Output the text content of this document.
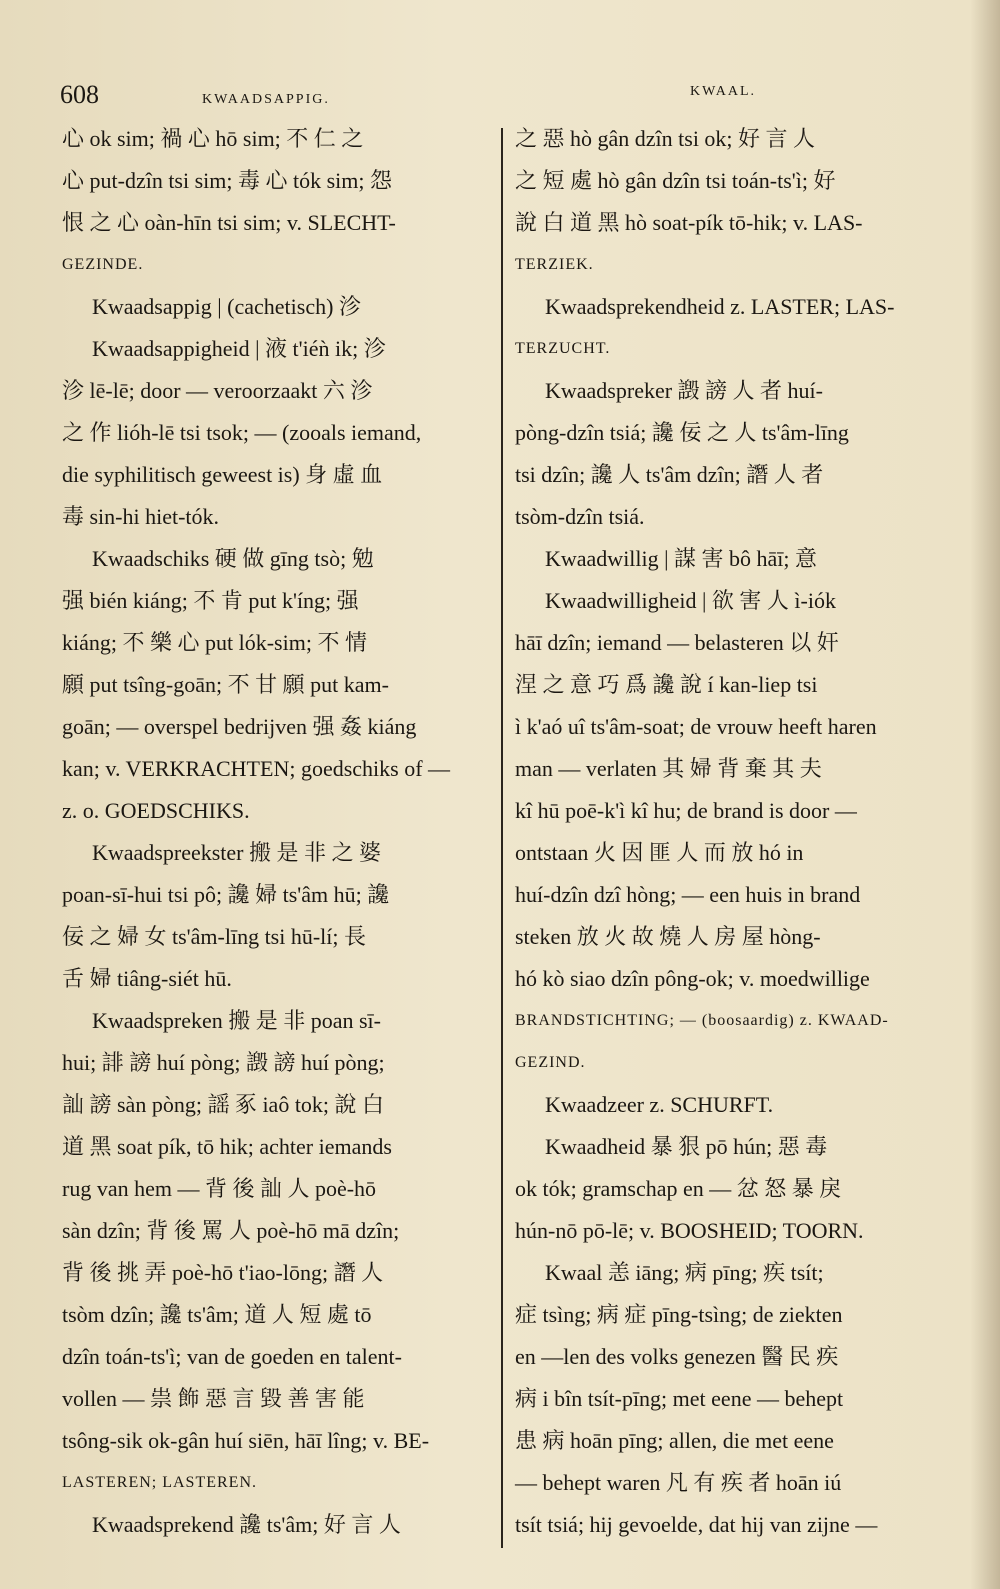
608	KWAADSAPPIG.
KWAAL.

心 ok sim; 禍 心 hō sim; 不 仁 之

心 put-dzîn tsi sim; 毒 心 tók sim; 怨

恨 之 心 oàn-hīn tsi sim; v. SLECHT-

GEZINDE.

Kwaadsappig | (cachetisch) 沴

Kwaadsappigheid | 液 t'iéǹ ik; 沴

沴 lē-lē; door — veroorzaakt 六 沴

之 作 lióh-lē tsi tsok; — (zooals iemand,

die syphilitisch geweest is) 身 虛 血

毒 sin-hi hiet-tók.

Kwaadschiks 硬 做 gīng tsò; 勉

强 bién kiáng; 不 肯 put k'íng; 强

kiáng; 不 樂 心 put lók-sim; 不 情

願 put tsîng-goān; 不 甘 願 put kam-

goān; — overspel bedrijven 强 姦 kiáng

kan; v. VERKRACHTEN; goedschiks of —

z. o. GOEDSCHIKS.

Kwaadspreekster 搬 是 非 之 婆

poan-sī-hui tsi pô; 讒 婦 ts'âm hū; 讒

佞 之 婦 女 ts'âm-līng tsi hū-lí; 長

舌 婦 tiâng-siét hū.

Kwaadspreken 搬 是 非 poan sī-

hui; 誹 謗 huí pòng; 譭 謗 huí pòng;

訕 謗 sàn pòng; 謡 豖 iaô tok; 說 白

道 黑 soat pík, tō hik; achter iemands

rug van hem — 背 後 訕 人 poè-hō

sàn dzîn; 背 後 罵 人 poè-hō mā dzîn;

背 後 挑 弄 poè-hō t'iao-lōng; 譖 人

tsòm dzîn; 讒 ts'âm; 道 人 短 處 tō

dzîn toán-ts'ì; van de goeden en talent-

vollen — 祟 飾 惡 言 毀 善 害 能

tsông-sik ok-gân huí siēn, hāī lîng; v. BE-

LASTEREN; LASTEREN.

Kwaadsprekend 讒 ts'âm; 好 言 人

之 惡 hò gân dzîn tsi ok; 好 言 人

之 短 處 hò gân dzîn tsi toán-ts'ì; 好

說 白 道 黑 hò soat-pík tō-hik; v. LAS-

TERZIEK.

Kwaadsprekendheid z. LASTER; LAS-

TERZUCHT.

Kwaadspreker 譭 謗 人 者 huí-

pòng-dzîn tsiá; 讒 佞 之 人 ts'âm-līng

tsi dzîn; 讒 人 ts'âm dzîn; 譖 人 者

tsòm-dzîn tsiá.

Kwaadwillig | 謀 害 bô hāī; 意

Kwaadwilligheid | 欲 害 人 ì-iók

hāī dzîn; iemand — belasteren 以 奸

涅 之 意 巧 爲 讒 說 í kan-liep tsi

ì k'aó uî ts'âm-soat; de vrouw heeft haren

man — verlaten 其 婦 背 棄 其 夫

kî hū poē-k'ì kî hu; de brand is door —

ontstaan 火 因 匪 人 而 放 hó in

huí-dzîn dzî hòng; — een huis in brand

steken 放 火 故 燒 人 房 屋 hòng-

hó kò siao dzîn pông-ok; v. moedwillige

BRANDSTICHTING; — (boosaardig) z. KWAAD-

GEZIND.

Kwaadzeer z. SCHURFT.

Kwaadheid 暴 狠 pō hún; 惡 毒

ok tók; gramschap en — 忿 怒 暴 戾

hún-nō pō-lē; v. BOOSHEID; TOORN.

Kwaal 恙 iāng; 病 pīng; 疾 tsít;

症 tsìng; 病 症 pīng-tsìng; de ziekten

en —len des volks genezen 醫 民 疾

病 i bîn tsít-pīng; met eene — behept

患 病 hoān pīng; allen, die met eene

— behept waren 凡 有 疾 者 hoān iú

tsít tsiá; hij gevoelde, dat hij van zijne —
